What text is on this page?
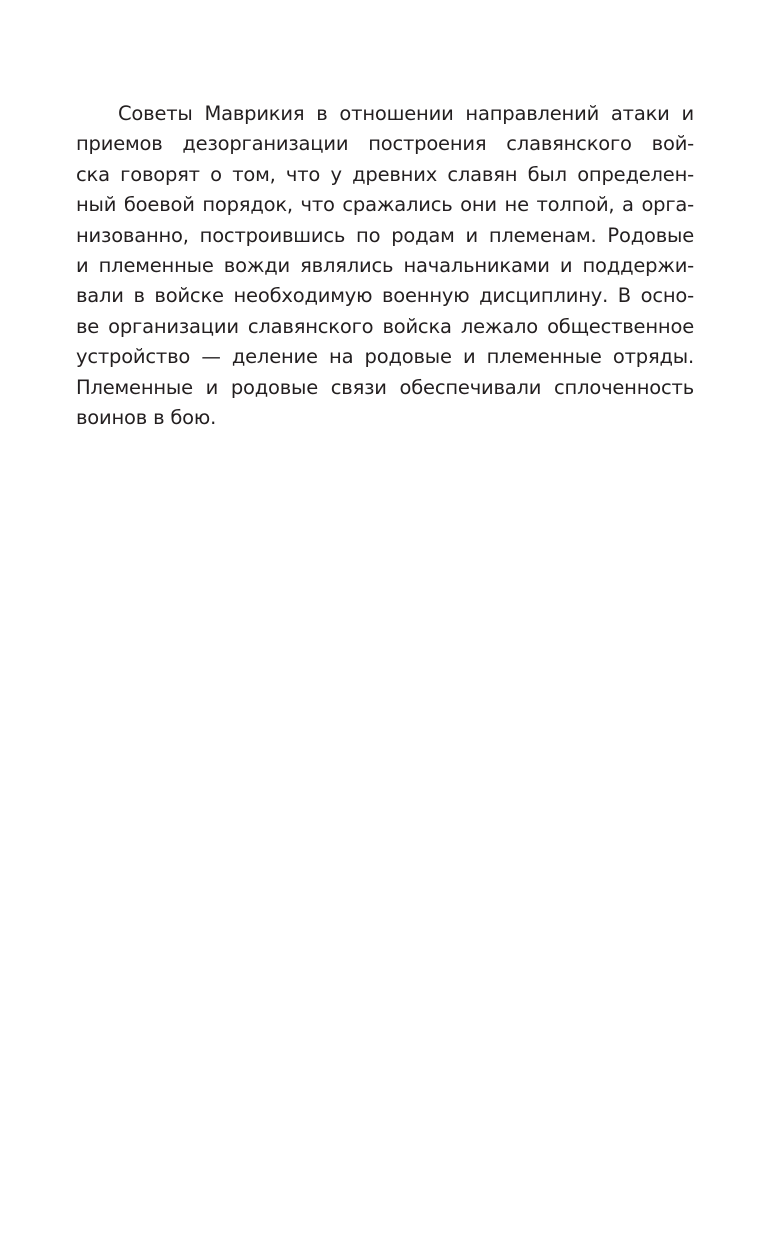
Советы Маврикия в отношении направлений атаки и
приемов дезорганизации построения славянского вой-
ска говорят о том, что у древних славян был определен-
ный боевой порядок, что сражались они не толпой, а орга-
низованно, построившись по родам и племенам. Родовые
и племенные вожди являлись начальниками и поддержи-
вали в войске необходимую военную дисциплину. В осно-
ве организации славянского войска лежало общественное
устройство — деление на родовые и племенные отряды.
Племенные и родовые связи обеспечивали сплоченность
воинов в бою.
